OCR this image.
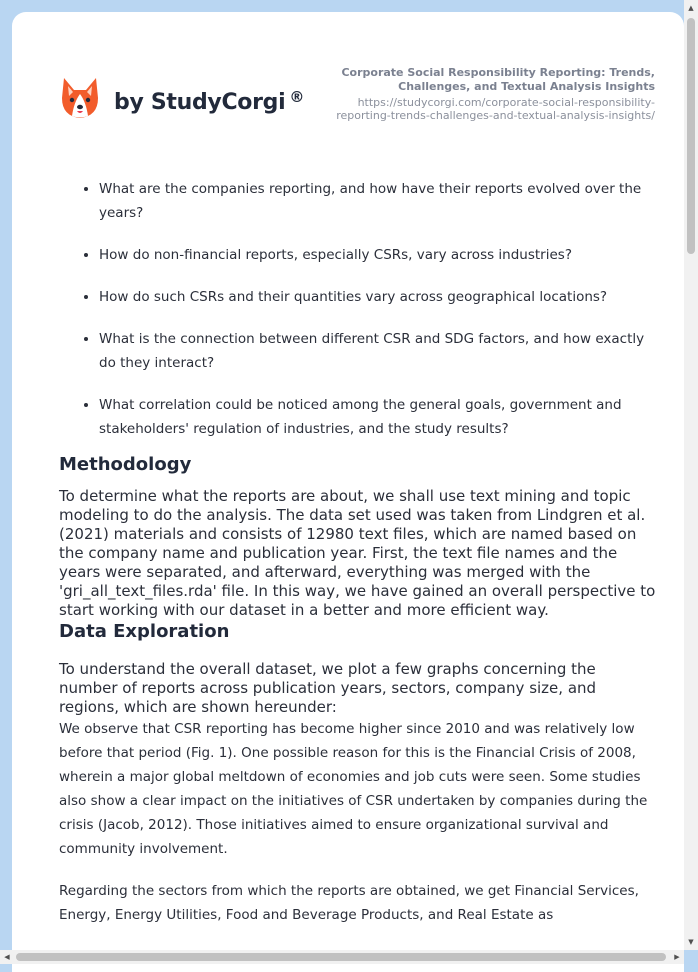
by StudyCorgi ®
Corporate Social Responsibility Reporting: Trends, Challenges, and Textual Analysis Insights
https://studycorgi.com/corporate-social-responsibility-reporting-trends-challenges-and-textual-analysis-insights/
• What are the companies reporting, and how have their reports evolved over the years?
• How do non-financial reports, especially CSRs, vary across industries?
• How do such CSRs and their quantities vary across geographical locations?
• What is the connection between different CSR and SDG factors, and how exactly do they interact?
• What correlation could be noticed among the general goals, government and stakeholders' regulation of industries, and the study results?
Methodology

To determine what the reports are about, we shall use text mining and topic modeling to do the analysis. The data set used was taken from Lindgren et al. (2021) materials and consists of 12980 text files, which are named based on the company name and publication year. First, the text file names and the years were separated, and afterward, everything was merged with the 'gri_all_text_files.rda' file. In this way, we have gained an overall perspective to start working with our dataset in a better and more efficient way.

Data Exploration

To understand the overall dataset, we plot a few graphs concerning the number of reports across publication years, sectors, company size, and regions, which are shown hereunder:

We observe that CSR reporting has become higher since 2010 and was relatively low before that period (Fig. 1). One possible reason for this is the Financial Crisis of 2008, wherein a major global meltdown of economies and job cuts were seen. Some studies also show a clear impact on the initiatives of CSR undertaken by companies during the crisis (Jacob, 2012). Those initiatives aimed to ensure organizational survival and community involvement.

Regarding the sectors from which the reports are obtained, we get Financial Services, Energy, Energy Utilities, Food and Beverage Products, and Real Estate as

▲
▼
◀	▶
